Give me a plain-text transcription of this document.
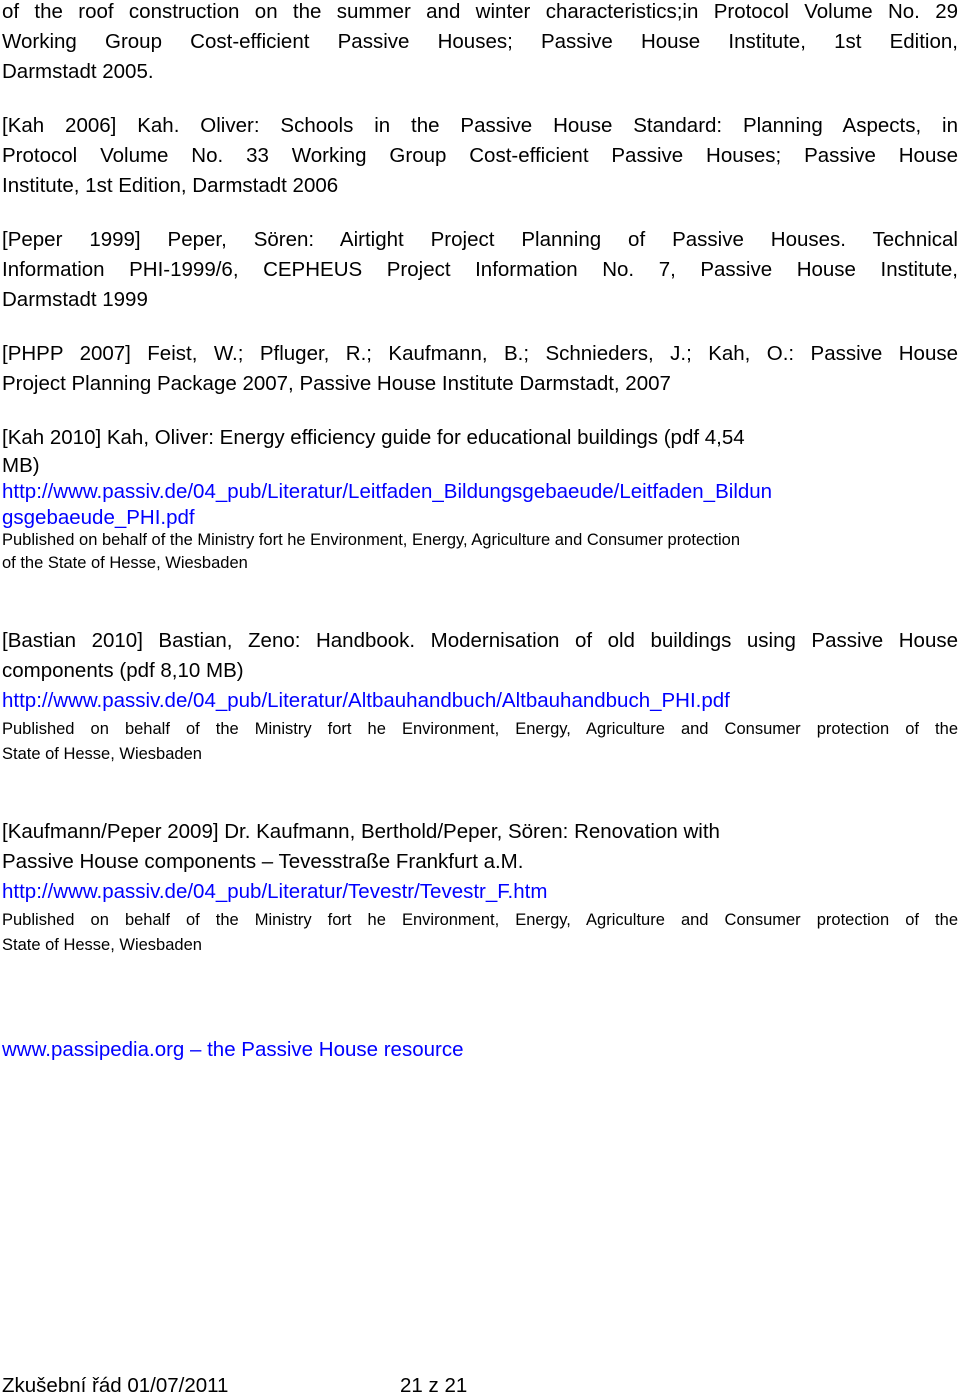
of the roof construction on the summer and winter characteristics;in Protocol Volume No. 29
Working Group Cost-efficient Passive Houses; Passive House Institute, 1st Edition,
Darmstadt 2005.
[Kah 2006] Kah. Oliver: Schools in the Passive House Standard: Planning Aspects, in
Protocol Volume No. 33 Working Group Cost-efficient Passive Houses; Passive House
Institute, 1st Edition, Darmstadt 2006
[Peper 1999] Peper, Sören: Airtight Project Planning of Passive Houses. Technical
Information PHI-1999/6, CEPHEUS Project Information No. 7, Passive House Institute,
Darmstadt 1999
[PHPP 2007] Feist, W.; Pfluger, R.; Kaufmann, B.; Schnieders, J.; Kah, O.: Passive House
Project Planning Package 2007, Passive House Institute Darmstadt, 2007
[Kah 2010] Kah, Oliver: Energy efficiency guide for educational buildings (pdf 4,54
MB)
http://www.passiv.de/04_pub/Literatur/Leitfaden_Bildungsgebaeude/Leitfaden_Bildun
gsgebaeude_PHI.pdf
Published on behalf of the Ministry fort he Environment, Energy, Agriculture and Consumer protection
of the State of Hesse, Wiesbaden
[Bastian 2010] Bastian, Zeno: Handbook. Modernisation of old buildings using Passive House
components (pdf 8,10 MB)
http://www.passiv.de/04_pub/Literatur/Altbauhandbuch/Altbauhandbuch_PHI.pdf
Published on behalf of the Ministry fort he Environment, Energy, Agriculture and Consumer protection of the
State of Hesse, Wiesbaden
[Kaufmann/Peper 2009] Dr. Kaufmann, Berthold/Peper, Sören: Renovation with
Passive House components – Tevesstraße Frankfurt a.M.
http://www.passiv.de/04_pub/Literatur/Tevestr/Tevestr_F.htm
Published on behalf of the Ministry fort he Environment, Energy, Agriculture and Consumer protection of the
State of Hesse, Wiesbaden
www.passipedia.org – the Passive House resource
Zkušební řád 01/07/2011	21 z 21
